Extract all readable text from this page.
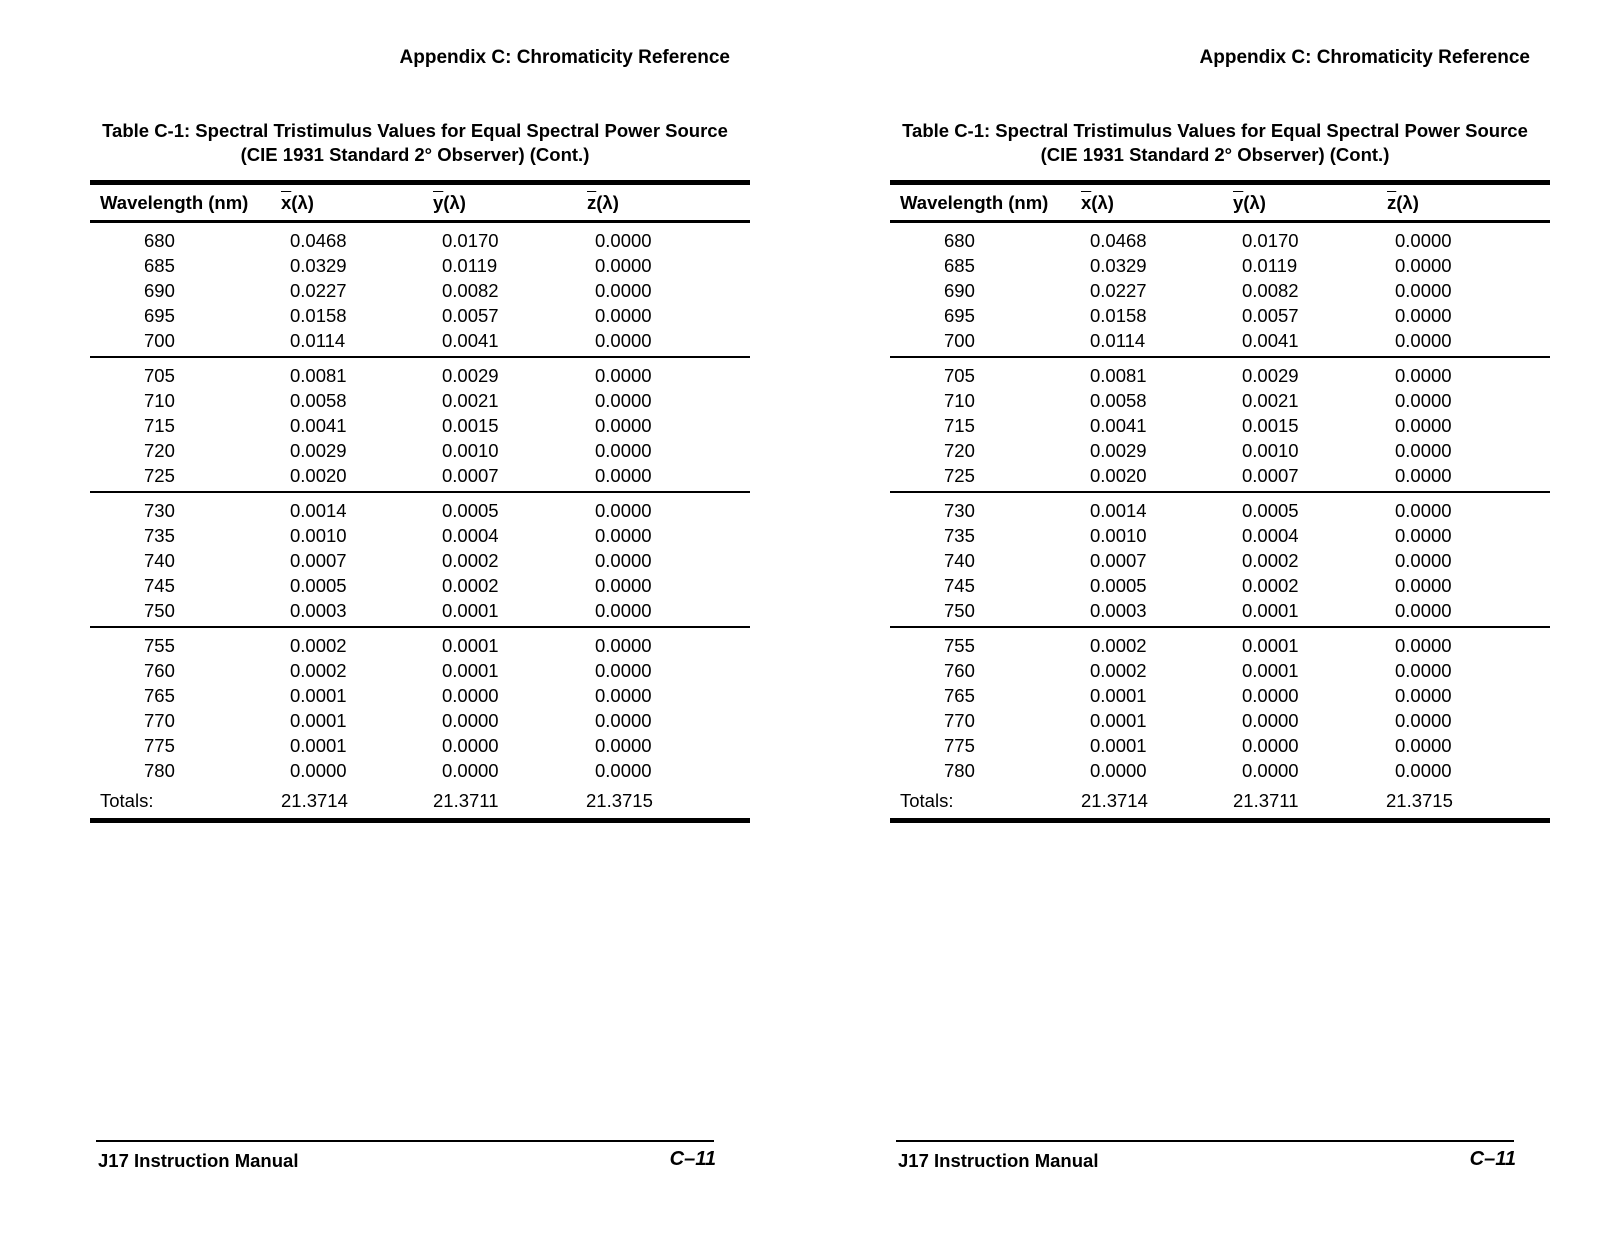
Appendix C: Chromaticity Reference
Table C-1: Spectral Tristimulus Values for Equal Spectral Power Source
(CIE 1931 Standard 2° Observer) (Cont.)
Wavelength (nm) $\overline{x}(\lambda)$	$\overline{y}(\lambda)$	$\overline{z}(\lambda)$
680	0.0468	0.0170	0.0000
685	0.0329	0.0119	0.0000
690	0.0227	0.0082	0.0000
695	0.0158	0.0057	0.0000
700	0.0114	0.0041	0.0000
705	0.0081	0.0029	0.0000
710	0.0058	0.0021	0.0000
715	0.0041	0.0015	0.0000
720	0.0029	0.0010	0.0000
725	0.0020	0.0007	0.0000
730	0.0014	0.0005	0.0000
735	0.0010	0.0004	0.0000
740	0.0007	0.0002	0.0000
745	0.0005	0.0002	0.0000
750	0.0003	0.0001	0.0000
755	0.0002	0.0001	0.0000
760	0.0002	0.0001	0.0000
765	0.0001	0.0000	0.0000
770	0.0001	0.0000	0.0000
775	0.0001	0.0000	0.0000
780	0.0000	0.0000	0.0000
Totals:	21.3714	21.3711	21.3715
J17 Instruction Manual	C–11
Appendix C: Chromaticity Reference
Table C-1: Spectral Tristimulus Values for Equal Spectral Power Source
(CIE 1931 Standard 2° Observer) (Cont.)
Wavelength (nm) $\overline{x}(\lambda)$	$\overline{y}(\lambda)$	$\overline{z}(\lambda)$
680	0.0468	0.0170	0.0000
685	0.0329	0.0119	0.0000
690	0.0227	0.0082	0.0000
695	0.0158	0.0057	0.0000
700	0.0114	0.0041	0.0000
705	0.0081	0.0029	0.0000
710	0.0058	0.0021	0.0000
715	0.0041	0.0015	0.0000
720	0.0029	0.0010	0.0000
725	0.0020	0.0007	0.0000
730	0.0014	0.0005	0.0000
735	0.0010	0.0004	0.0000
740	0.0007	0.0002	0.0000
745	0.0005	0.0002	0.0000
750	0.0003	0.0001	0.0000
755	0.0002	0.0001	0.0000
760	0.0002	0.0001	0.0000
765	0.0001	0.0000	0.0000
770	0.0001	0.0000	0.0000
775	0.0001	0.0000	0.0000
780	0.0000	0.0000	0.0000
Totals:	21.3714	21.3711	21.3715
J17 Instruction Manual	C–11
